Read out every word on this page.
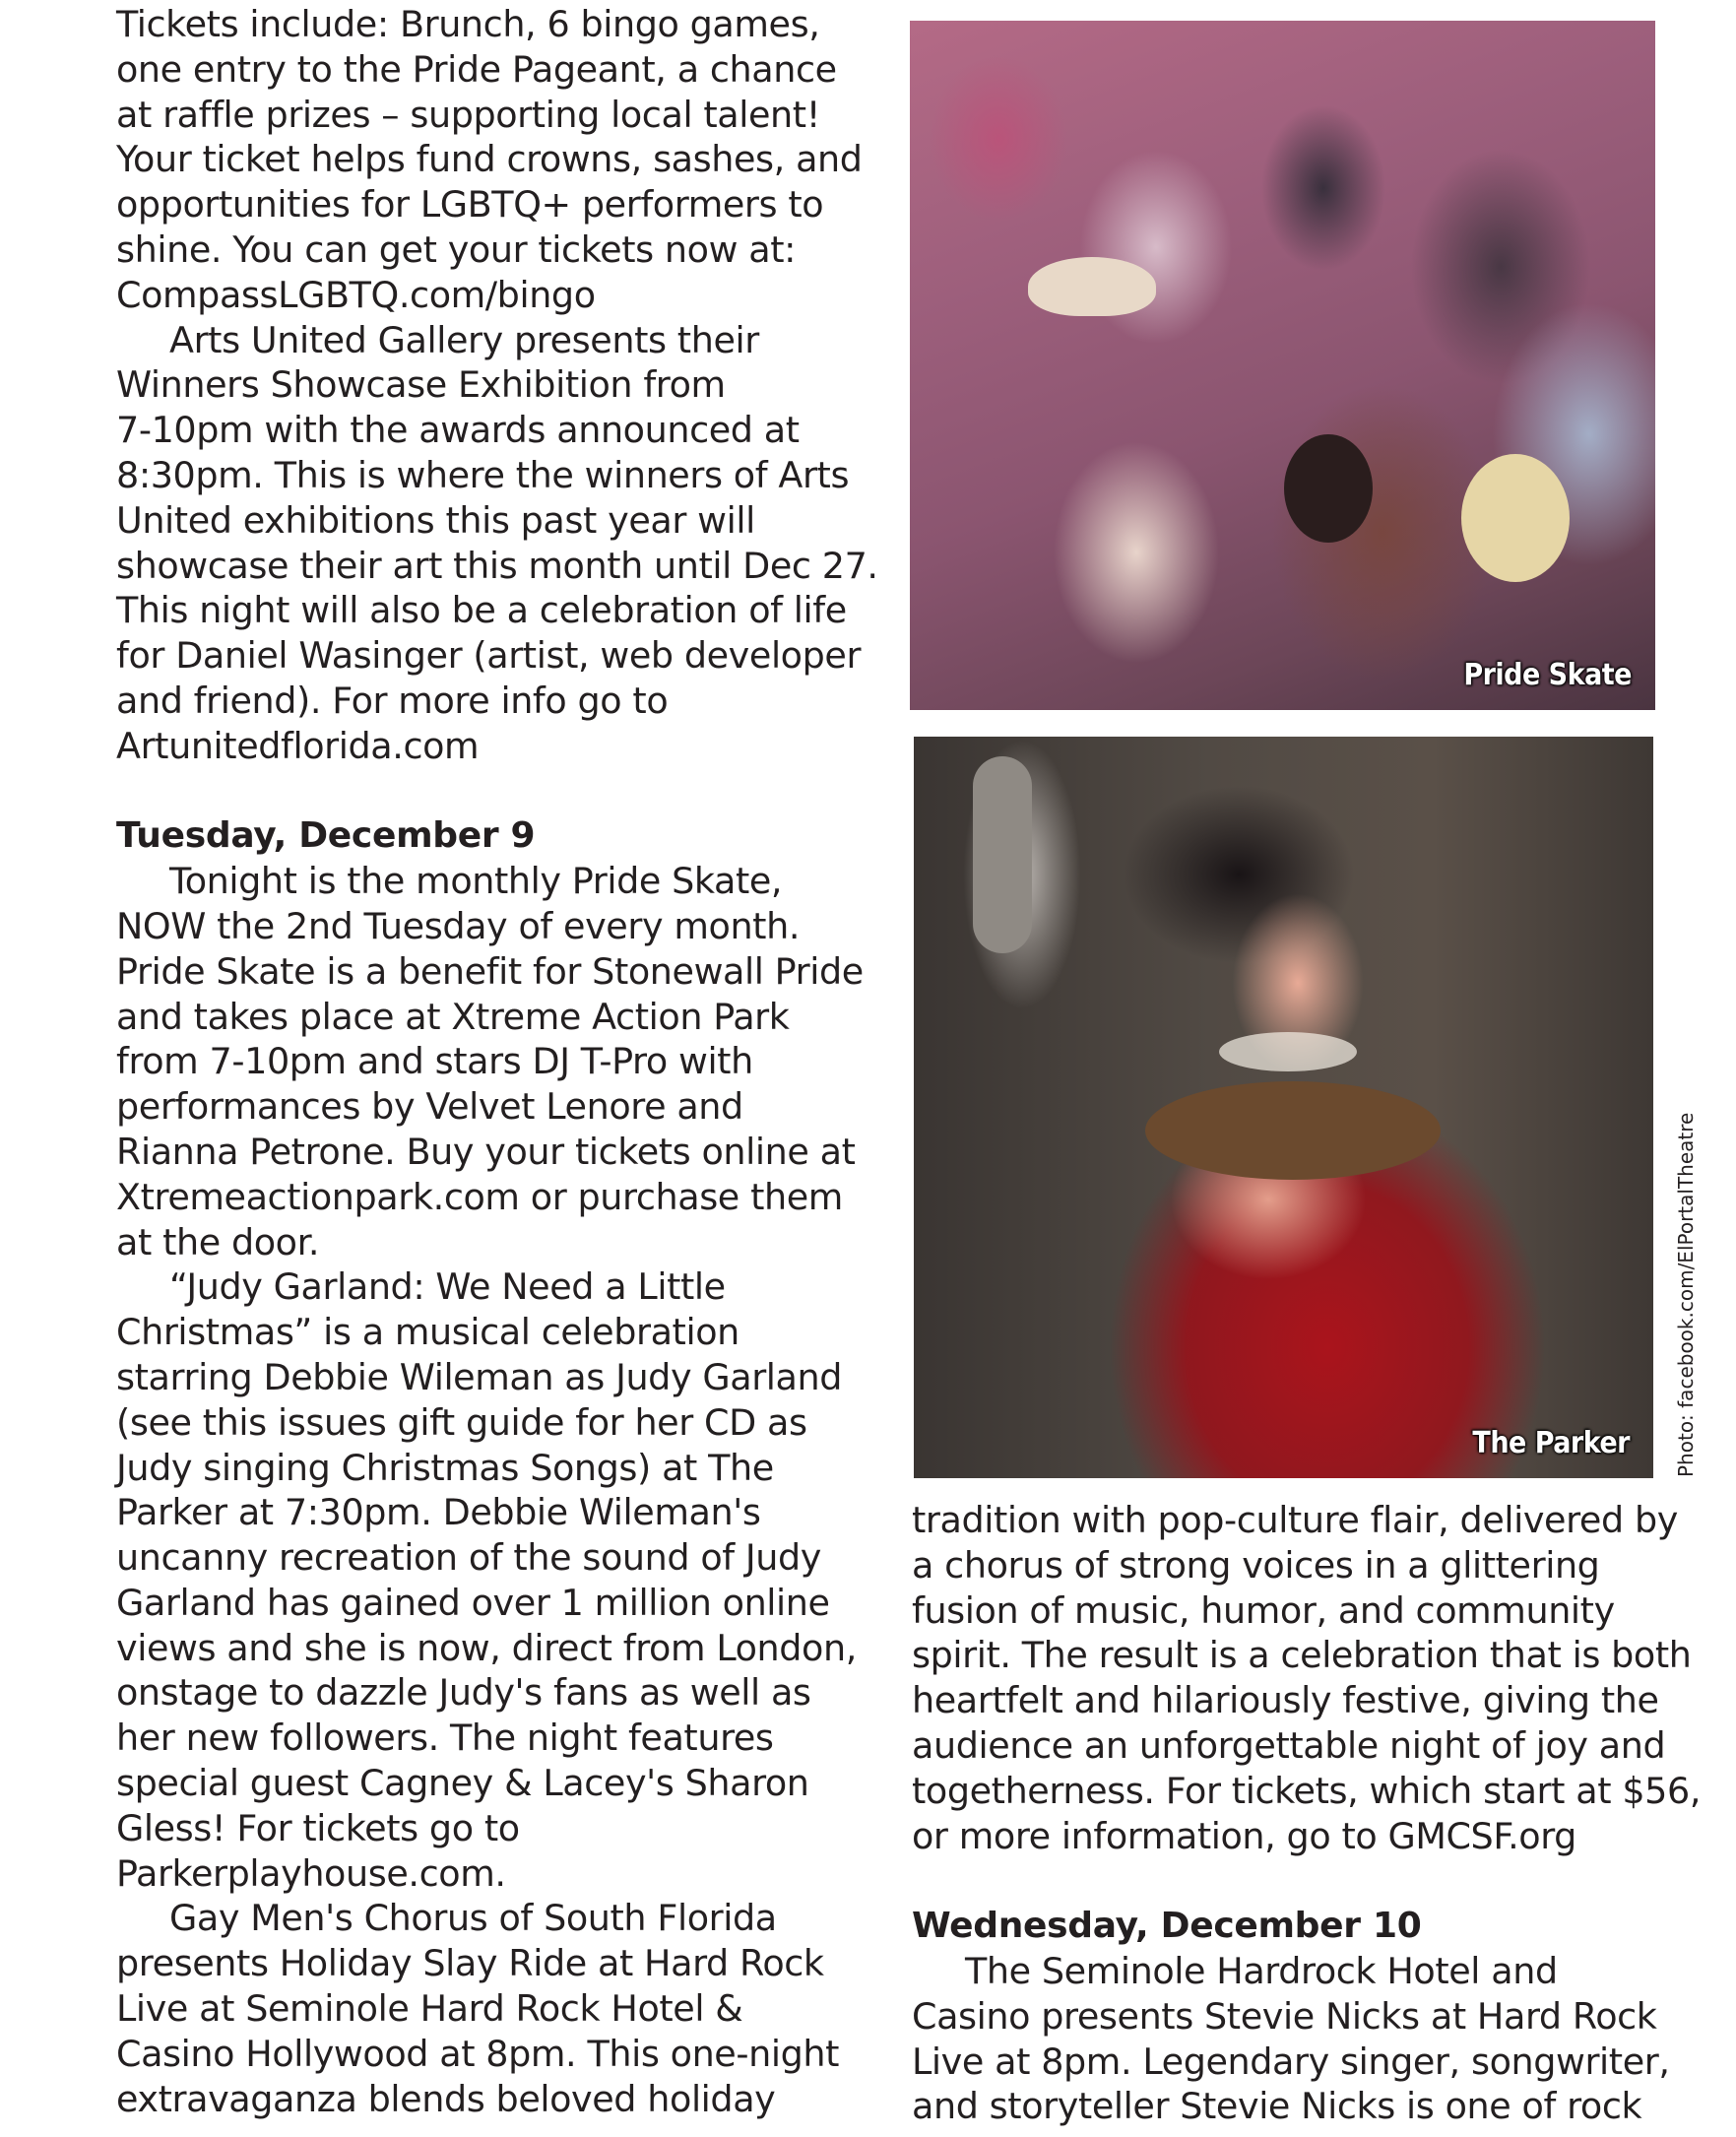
Tickets include: Brunch, 6 bingo games,
one entry to the Pride Pageant, a chance
at raffle prizes – supporting local talent!
Your ticket helps fund crowns, sashes, and
opportunities for LGBTQ+ performers to
shine. You can get your tickets now at:
CompassLGBTQ.com/bingo
Arts United Gallery presents their
Winners Showcase Exhibition from
7-10pm with the awards announced at
8:30pm. This is where the winners of Arts
United exhibitions this past year will
showcase their art this month until Dec 27.
This night will also be a celebration of life
for Daniel Wasinger (artist, web developer
and friend). For more info go to
Artunitedflorida.com
Tuesday, December 9
Tonight is the monthly Pride Skate,
NOW the 2nd Tuesday of every month.
Pride Skate is a benefit for Stonewall Pride
and takes place at Xtreme Action Park
from 7-10pm and stars DJ T-Pro with
performances by Velvet Lenore and
Rianna Petrone. Buy your tickets online at
Xtremeactionpark.com or purchase them
at the door.
“Judy Garland: We Need a Little
Christmas” is a musical celebration
starring Debbie Wileman as Judy Garland
(see this issues gift guide for her CD as
Judy singing Christmas Songs) at The
Parker at 7:30pm. Debbie Wileman's
uncanny recreation of the sound of Judy
Garland has gained over 1 million online
views and she is now, direct from London,
onstage to dazzle Judy's fans as well as
her new followers. The night features
special guest Cagney & Lacey's Sharon
Gless! For tickets go to
Parkerplayhouse.com.
Gay Men's Chorus of South Florida
presents Holiday Slay Ride at Hard Rock
Live at Seminole Hard Rock Hotel &
Casino Hollywood at 8pm. This one-night
extravaganza blends beloved holiday
Pride Skate
The Parker Photo: facebook.com/ElPortalTheatre
tradition with pop-culture flair, delivered by
a chorus of strong voices in a glittering
fusion of music, humor, and community
spirit. The result is a celebration that is both
heartfelt and hilariously festive, giving the
audience an unforgettable night of joy and
togetherness. For tickets, which start at $56,
or more information, go to GMCSF.org
Wednesday, December 10
The Seminole Hardrock Hotel and
Casino presents Stevie Nicks at Hard Rock
Live at 8pm. Legendary singer, songwriter,
and storyteller Stevie Nicks is one of rock
